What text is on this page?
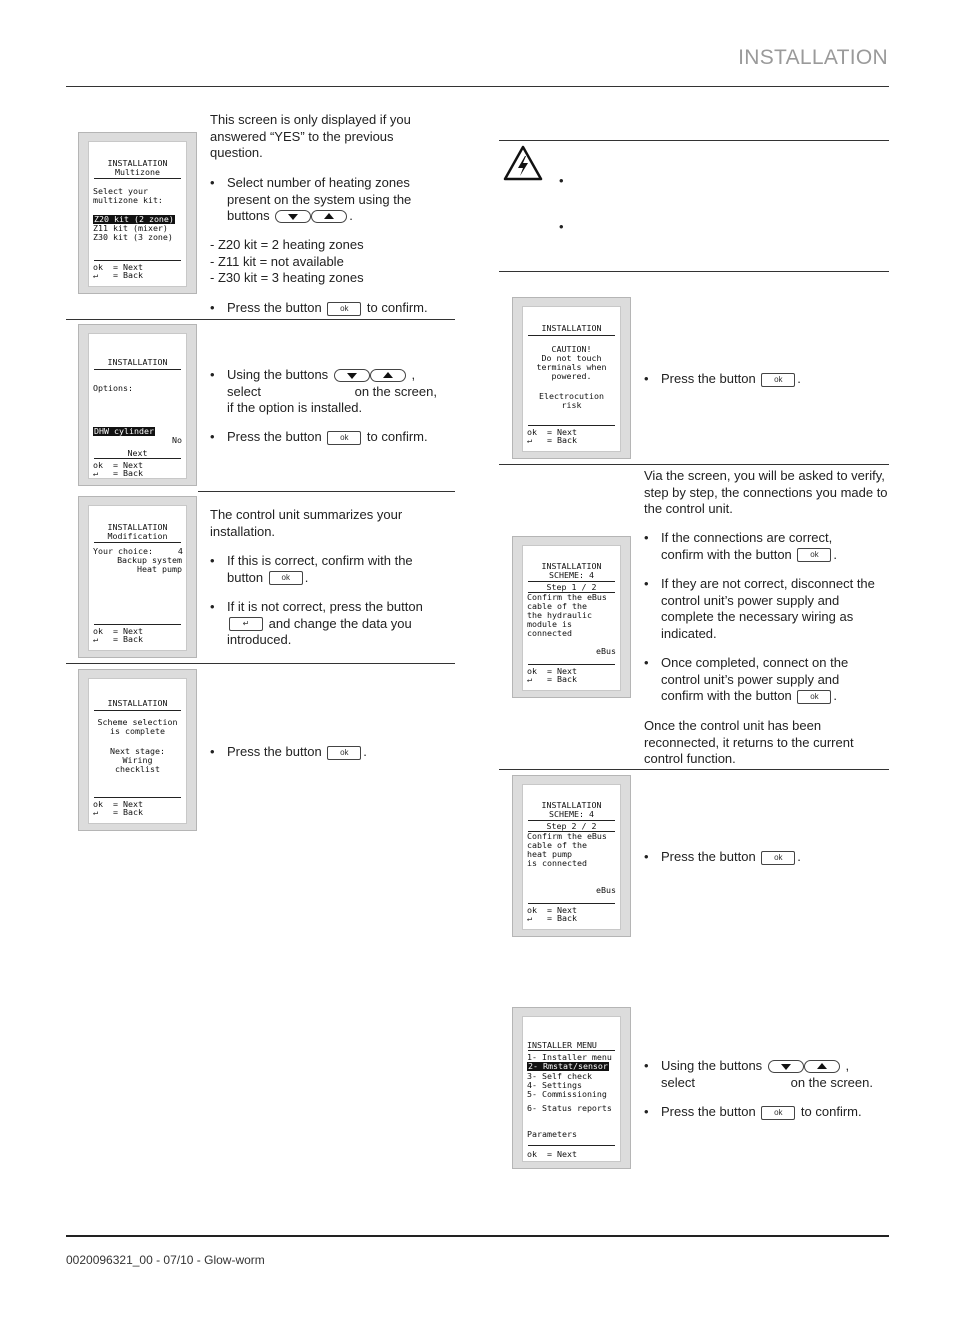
INSTALLATION
INSTALLATION
Multizone
Select your
multizone kit:
Z20 kit (2 zone)
Z11 kit (mixer)
Z30 kit (3 zone)
ok  = Next
↵   = Back
This screen is only displayed if you answered “YES” to the previous question.
• Select number of heating zones present on the system using the buttons	.
- Z20 kit = 2 heating zones
- Z11 kit = not available
- Z30 kit = 3 heating zones
• Press the button ok to confirm.
INSTALLATION
Options:
DHW cylinder
No
Next
ok  = Next
↵   = Back
• Using the buttons	,
select	on the screen,
if the option is installed.
• Press the button ok to confirm.
INSTALLATION
Modification
Your choice:     4
Backup system
Heat pump
ok  = Next
↵   = Back
The control unit summarizes your installation.
• If this is correct, confirm with the button ok .
• If it is not correct, press the button ↵ and change the data you introduced.
INSTALLATION
Scheme selection
is complete
Next stage:
Wiring
checklist
ok  = Next
↵   = Back
• Press the button ok .
INSTALLATION
CAUTION!
Do not touch
terminals when
powered.
Electrocution
risk
ok  = Next
↵   = Back
• Press the button ok .
INSTALLATION
SCHEME: 4
Step 1 / 2
Confirm the eBus
cable of the
the hydraulic
module is
connected
eBus
ok  = Next
↵   = Back
Via the screen, you will be asked to verify, step by step, the connections you made to the control unit.
• If the connections are correct, confirm with the button ok .
• If they are not correct, disconnect the control unit’s power supply and complete the necessary wiring as indicated.
• Once completed, connect on the control unit’s power supply and confirm with the button ok .
Once the control unit has been reconnected, it returns to the current control function.
INSTALLATION
SCHEME: 4
Step 2 / 2
Confirm the eBus
cable of the
heat pump
is connected
eBus
ok  = Next
↵   = Back
• Press the button ok .
INSTALLER MENU
1- Installer menu
2- Rmstat/sensor
3- Self check
4- Settings
5- Commissioning
6- Status reports
Parameters
ok  = Next
• Using the buttons	,
select	on the screen.
• Press the button ok to confirm.
0020096321_00 - 07/10 - Glow-worm
